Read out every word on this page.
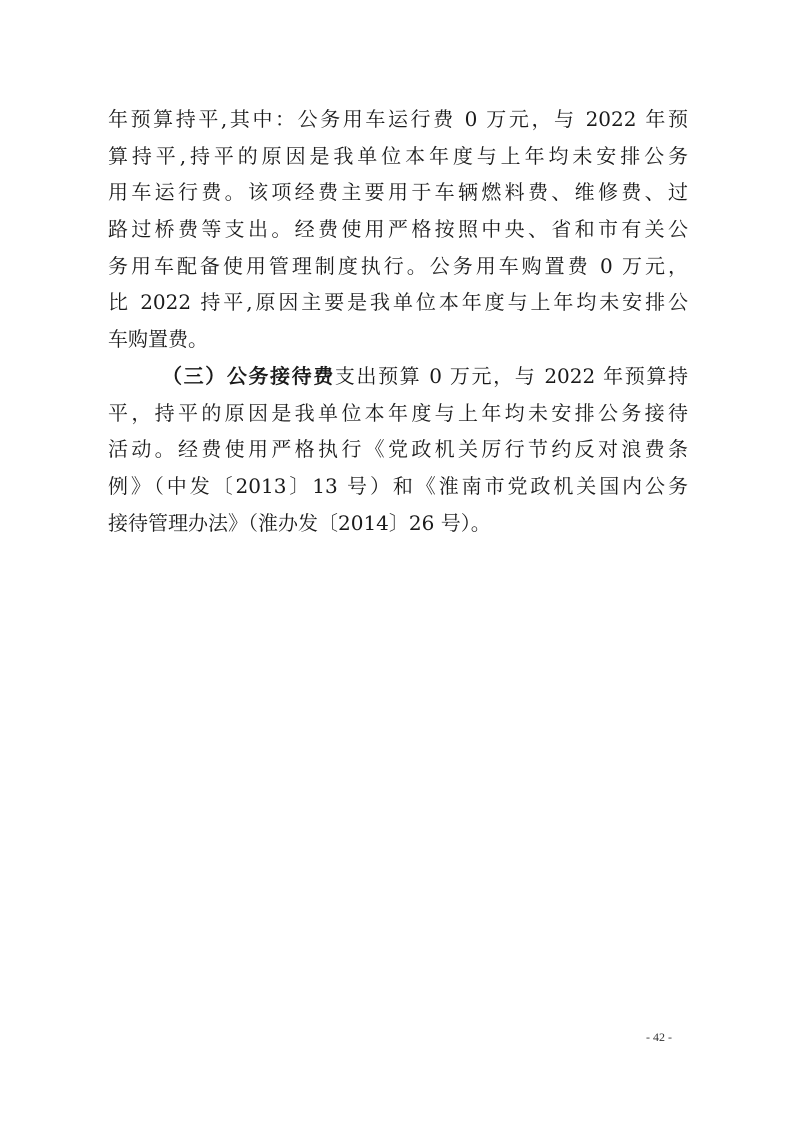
年预算持平,其中：公务用车运行费 0 万元，与 2022 年预
算持平,持平的原因是我单位本年度与上年均未安排公务
用车运行费。该项经费主要用于车辆燃料费、维修费、过
路过桥费等支出。经费使用严格按照中央、省和市有关公
务用车配备使用管理制度执行。公务用车购置费 0 万元，
比 2022 持平,原因主要是我单位本年度与上年均未安排公
车购置费。
（三）公务接待费支出预算 0 万元，与 2022 年预算持
平，持平的原因是我单位本年度与上年均未安排公务接待
活动。经费使用严格执行《党政机关厉行节约反对浪费条
例》（中发〔2013〕13 号）和《淮南市党政机关国内公务
接待管理办法》（淮办发〔2014〕26 号）。
- 42 -
